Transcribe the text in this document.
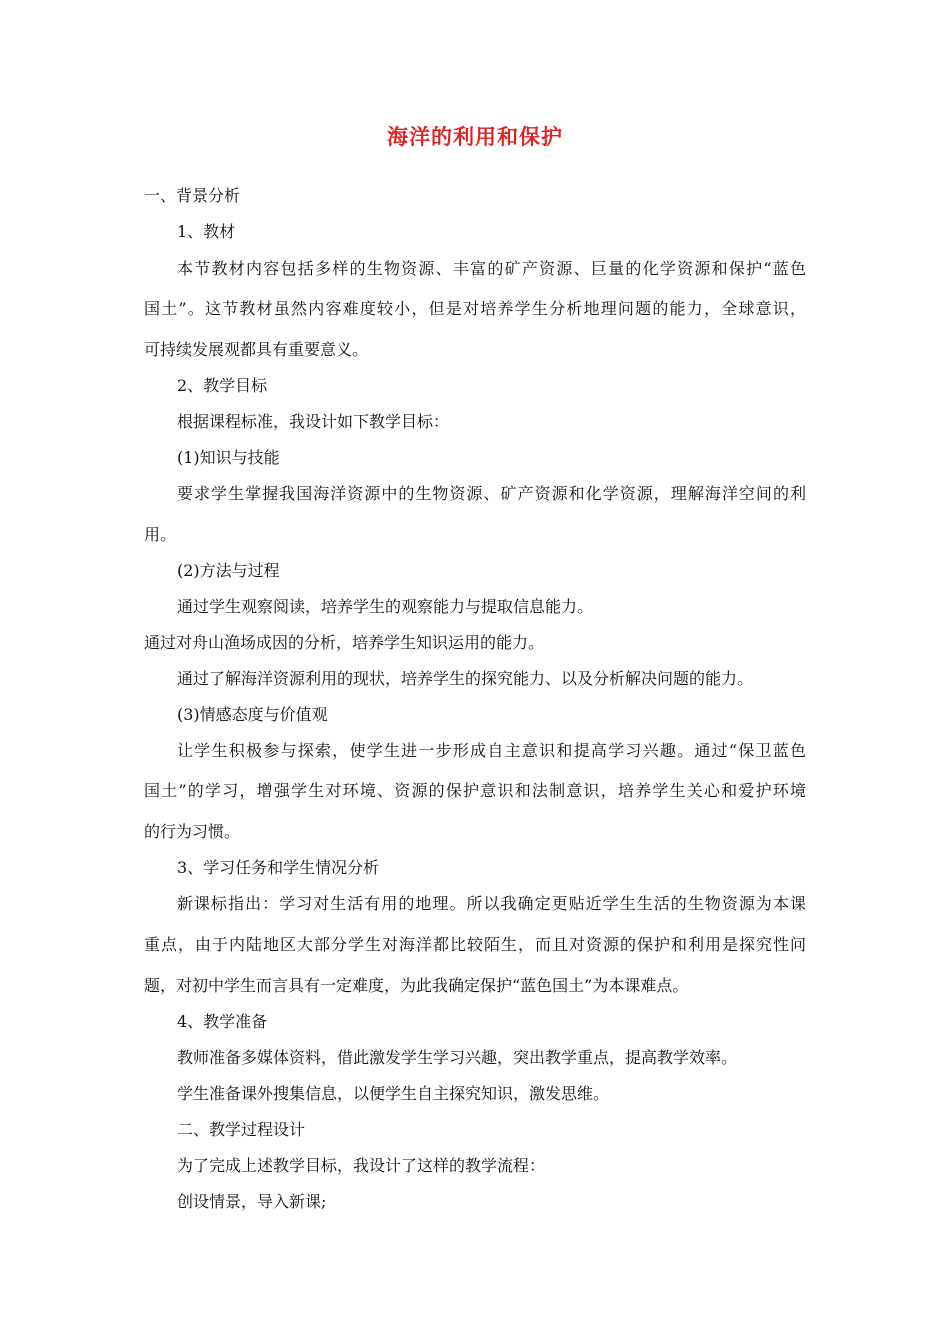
海洋的利用和保护
一、背景分析
1、教材
本节教材内容包括多样的生物资源、丰富的矿产资源、巨量的化学资源和保护“蓝色
国土”。这节教材虽然内容难度较小，但是对培养学生分析地理问题的能力，全球意识，
可持续发展观都具有重要意义。
2、教学目标
根据课程标准，我设计如下教学目标：
(1)知识与技能
要求学生掌握我国海洋资源中的生物资源、矿产资源和化学资源，理解海洋空间的利
用。
(2)方法与过程
通过学生观察阅读，培养学生的观察能力与提取信息能力。
通过对舟山渔场成因的分析，培养学生知识运用的能力。
通过了解海洋资源利用的现状，培养学生的探究能力、以及分析解决问题的能力。
(3)情感态度与价值观
让学生积极参与探索，使学生进一步形成自主意识和提高学习兴趣。通过“保卫蓝色
国土”的学习，增强学生对环境、资源的保护意识和法制意识，培养学生关心和爱护环境
的行为习惯。
3、学习任务和学生情况分析
新课标指出：学习对生活有用的地理。所以我确定更贴近学生生活的生物资源为本课
重点，由于内陆地区大部分学生对海洋都比较陌生，而且对资源的保护和利用是探究性问
题，对初中学生而言具有一定难度，为此我确定保护“蓝色国土”为本课难点。
4、教学准备
教师准备多媒体资料，借此激发学生学习兴趣，突出教学重点，提高教学效率。
学生准备课外搜集信息，以便学生自主探究知识，激发思维。
二、教学过程设计
为了完成上述教学目标，我设计了这样的教学流程：
创设情景，导入新课;
